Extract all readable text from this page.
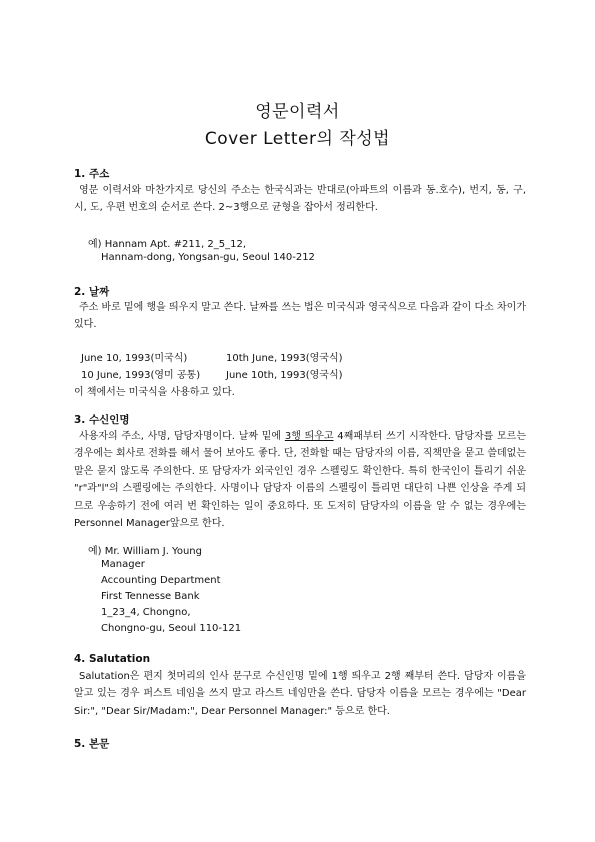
영문이력서
Cover Letter의 작성법
1. 주소
영문 이력서와 마찬가지로 당신의 주소는 한국식과는 반대로(아파트의 이름과 동.호수), 번지, 동, 구, 시, 도, 우편 번호의 순서로 쓴다. 2~3행으로 균형을 잡아서 정리한다.
예) Hannam Apt. #211, 2_5_12,
Hannam-dong, Yongsan-gu, Seoul 140-212
2. 날짜
주소 바로 밑에 행을 띄우지 말고 쓴다. 날짜를 쓰는 법은 미국식과 영국식으로 다음과 같이 다소 차이가 있다.
June 10, 1993(미국식)	10th June, 1993(영국식)
10 June, 1993(영미 공통)	June 10th, 1993(영국식)
이 책에서는 미국식을 사용하고 있다.
3. 수신인명
사용자의 주소, 사명, 담당자명이다. 날짜 밑에 3행 띄우고 4째패부터 쓰기 시작한다. 담당자를 모르는 경우에는 회사로 전화를 해서 물어 보아도 좋다. 단, 전화할 때는 담당자의 이름, 직책만을 묻고 쓸데없는 말은 묻지 않도록 주의한다. 또 담당자가 외국인인 경우 스펠링도 확인한다. 특히 한국인이 틀리기 쉬운 "r"과"l"의 스펠링에는 주의한다. 사명이나 담당자 이름의 스펠링이 틀리면 대단히 나쁜 인상을 주게 되므로 우송하기 전에 여러 번 확인하는 일이 중요하다. 또 도저히 담당자의 이름을 알 수 없는 경우에는 Personnel Manager앞으로 한다.
예) Mr. William J. Young
Manager
Accounting Department
First Tennesse Bank
1_23_4, Chongno,
Chongno-gu, Seoul 110-121
4. Salutation
Salutation은 편지 첫머리의 인사 문구로 수신인명 밑에 1행 띄우고 2행 째부터 쓴다. 담당자 이름을 알고 있는 경우 퍼스트 네임을 쓰지 말고 라스트 네임만을 쓴다. 담당자 이름을 모르는 경우에는 "Dear Sir:", "Dear Sir/Madam:", Dear Personnel Manager:" 등으로 한다.
5. 본문
